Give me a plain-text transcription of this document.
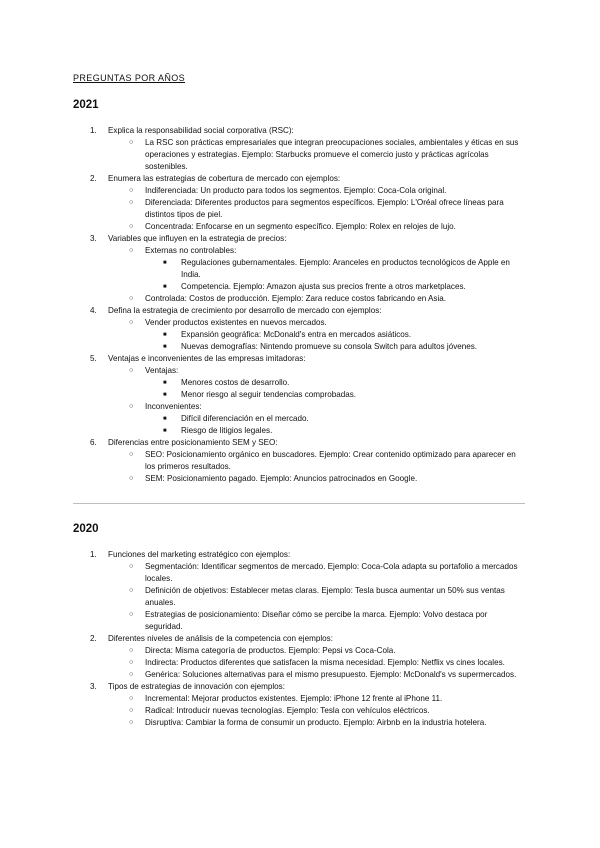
PREGUNTAS POR AÑOS
2021
1. Explica la responsabilidad social corporativa (RSC):
○ La RSC son prácticas empresariales que integran preocupaciones sociales, ambientales y éticas en sus operaciones y estrategias. Ejemplo: Starbucks promueve el comercio justo y prácticas agrícolas sostenibles.
2. Enumera las estrategias de cobertura de mercado con ejemplos:
○ Indiferenciada: Un producto para todos los segmentos. Ejemplo: Coca-Cola original.
○ Diferenciada: Diferentes productos para segmentos específicos. Ejemplo: L'Oréal ofrece líneas para distintos tipos de piel.
○ Concentrada: Enfocarse en un segmento específico. Ejemplo: Rolex en relojes de lujo.
3. Variables que influyen en la estrategia de precios:
○ Externas no controlables:
■ Regulaciones gubernamentales. Ejemplo: Aranceles en productos tecnológicos de Apple en India.
■ Competencia. Ejemplo: Amazon ajusta sus precios frente a otros marketplaces.
○ Controlada: Costos de producción. Ejemplo: Zara reduce costos fabricando en Asia.
4. Defina la estrategia de crecimiento por desarrollo de mercado con ejemplos:
○ Vender productos existentes en nuevos mercados.
■ Expansión geográfica: McDonald's entra en mercados asiáticos.
■ Nuevas demografías: Nintendo promueve su consola Switch para adultos jóvenes.
5. Ventajas e inconvenientes de las empresas imitadoras:
○ Ventajas:
■ Menores costos de desarrollo.
■ Menor riesgo al seguir tendencias comprobadas.
○ Inconvenientes:
■ Difícil diferenciación en el mercado.
■ Riesgo de litigios legales.
6. Diferencias entre posicionamiento SEM y SEO:
○ SEO: Posicionamiento orgánico en buscadores. Ejemplo: Crear contenido optimizado para aparecer en los primeros resultados.
○ SEM: Posicionamiento pagado. Ejemplo: Anuncios patrocinados en Google.
2020
1. Funciones del marketing estratégico con ejemplos:
○ Segmentación: Identificar segmentos de mercado. Ejemplo: Coca-Cola adapta su portafolio a mercados locales.
○ Definición de objetivos: Establecer metas claras. Ejemplo: Tesla busca aumentar un 50% sus ventas anuales.
○ Estrategias de posicionamiento: Diseñar cómo se percibe la marca. Ejemplo: Volvo destaca por seguridad.
2. Diferentes niveles de análisis de la competencia con ejemplos:
○ Directa: Misma categoría de productos. Ejemplo: Pepsi vs Coca-Cola.
○ Indirecta: Productos diferentes que satisfacen la misma necesidad. Ejemplo: Netflix vs cines locales.
○ Genérica: Soluciones alternativas para el mismo presupuesto. Ejemplo: McDonald's vs supermercados.
3. Tipos de estrategias de innovación con ejemplos:
○ Incremental: Mejorar productos existentes. Ejemplo: iPhone 12 frente al iPhone 11.
○ Radical: Introducir nuevas tecnologías. Ejemplo: Tesla con vehículos eléctricos.
○ Disruptiva: Cambiar la forma de consumir un producto. Ejemplo: Airbnb en la industria hotelera.
